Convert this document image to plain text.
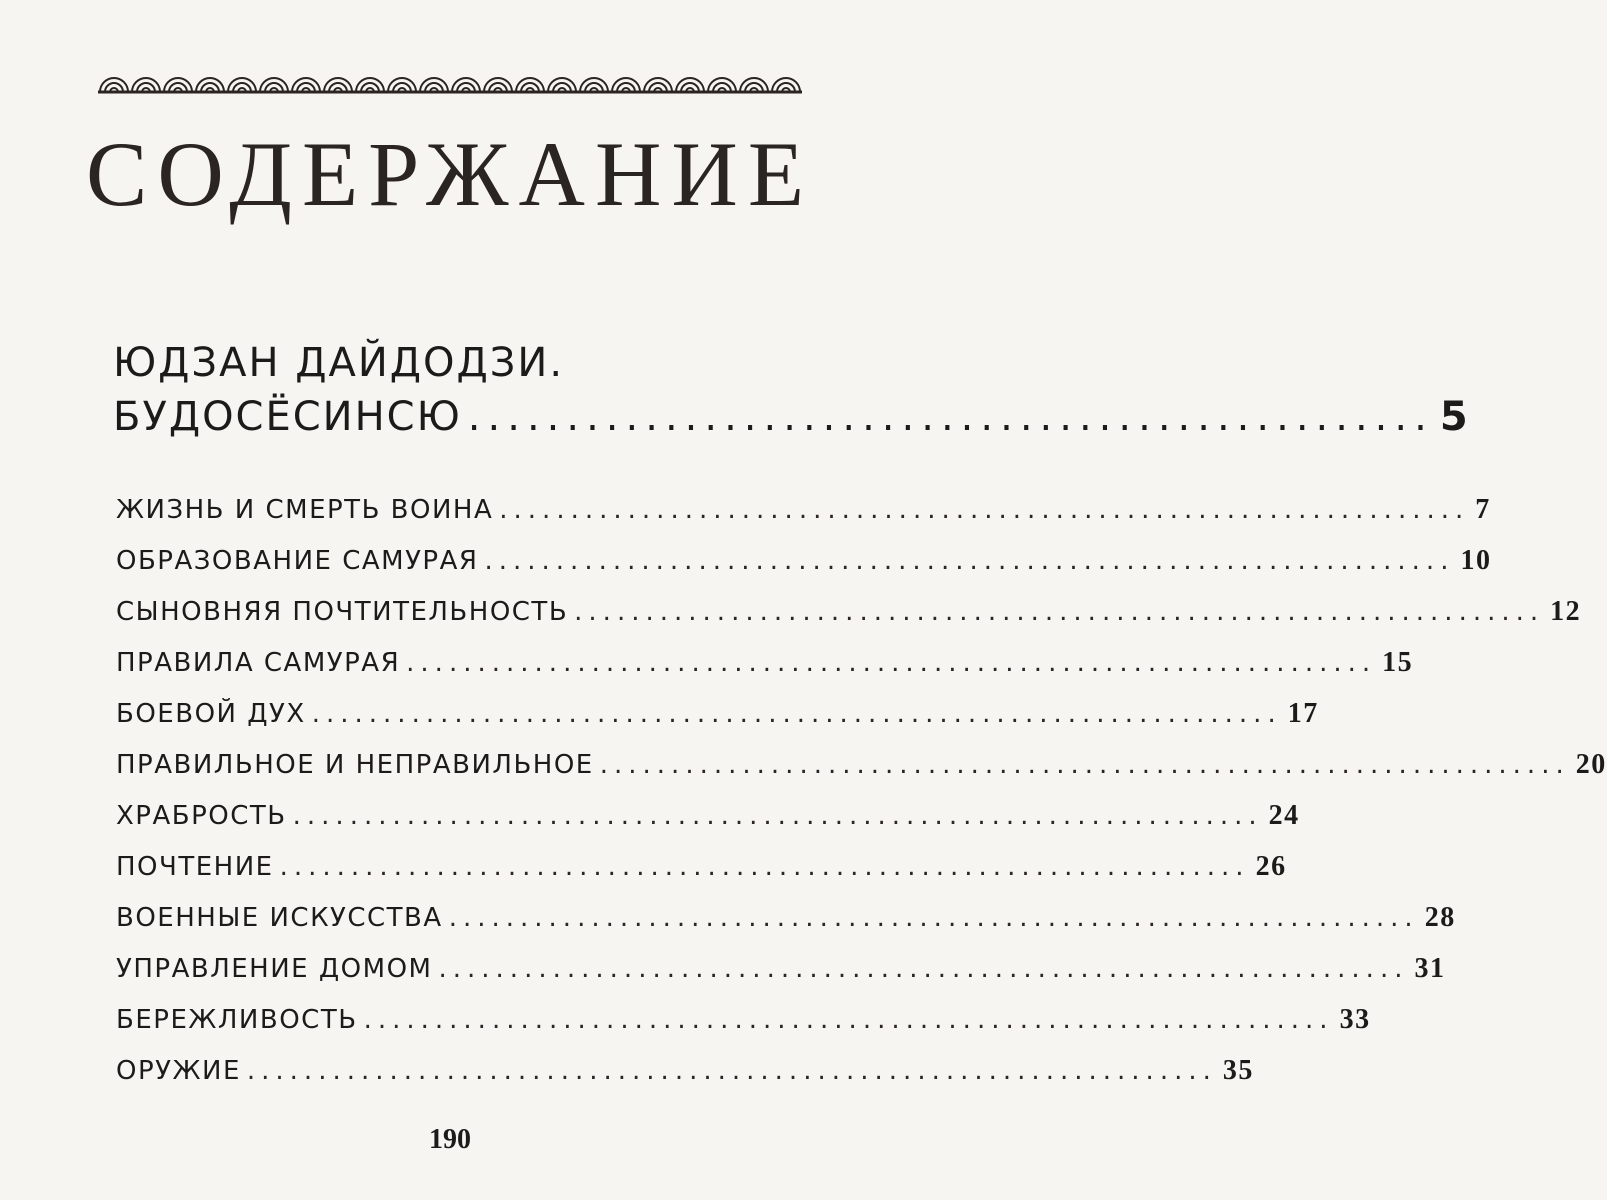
СОДЕРЖАНИЕ
ЮДЗАН ДАЙДОДЗИ.
БУДОСЁСИНСЮ ................................................. 5
ЖИЗНЬ И СМЕРТЬ ВОИНА .................................................................... 7
ОБРАЗОВАНИЕ САМУРАЯ .................................................................... 10
СЫНОВНЯЯ ПОЧТИТЕЛЬНОСТЬ .................................................................... 12
ПРАВИЛА САМУРАЯ .................................................................... 15
БОЕВОЙ ДУХ .................................................................... 17
ПРАВИЛЬНОЕ И НЕПРАВИЛЬНОЕ .................................................................... 20
ХРАБРОСТЬ .................................................................... 24
ПОЧТЕНИЕ .................................................................... 26
ВОЕННЫЕ ИСКУССТВА .................................................................... 28
УПРАВЛЕНИЕ ДОМОМ .................................................................... 31
БЕРЕЖЛИВОСТЬ .................................................................... 33
ОРУЖИЕ .................................................................... 35
190
